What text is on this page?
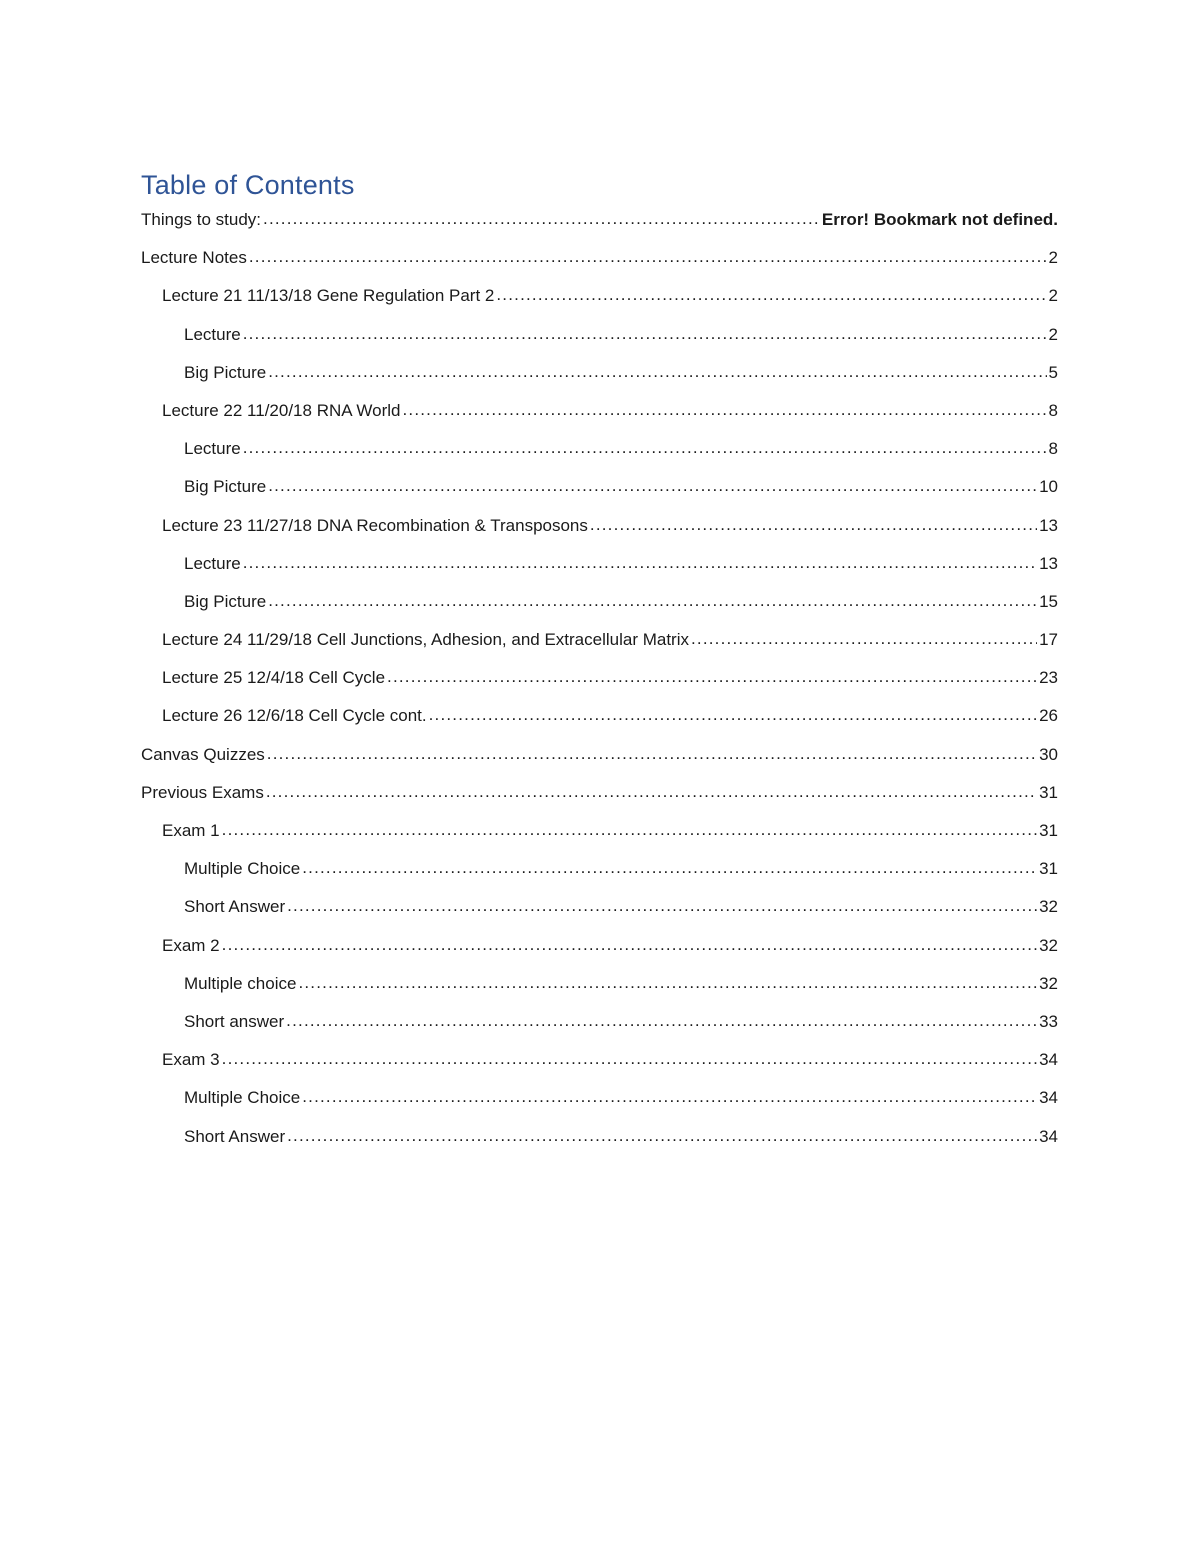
Table of Contents
Things to study: .....	Error! Bookmark not defined.
Lecture Notes .....	2
Lecture 21 11/13/18 Gene Regulation Part 2 .....	2
Lecture .....	2
Big Picture .....	5
Lecture 22 11/20/18 RNA World .....	8
Lecture .....	8
Big Picture .....	10
Lecture 23 11/27/18 DNA Recombination & Transposons .....	13
Lecture .....	13
Big Picture .....	15
Lecture 24 11/29/18 Cell Junctions, Adhesion, and Extracellular Matrix .....	17
Lecture 25 12/4/18 Cell Cycle .....	23
Lecture 26 12/6/18 Cell Cycle cont. .....	26
Canvas Quizzes .....	30
Previous Exams .....	31
Exam 1 .....	31
Multiple Choice .....	31
Short Answer .....	32
Exam 2 .....	32
Multiple choice .....	32
Short answer .....	33
Exam 3 .....	34
Multiple Choice .....	34
Short Answer .....	34
